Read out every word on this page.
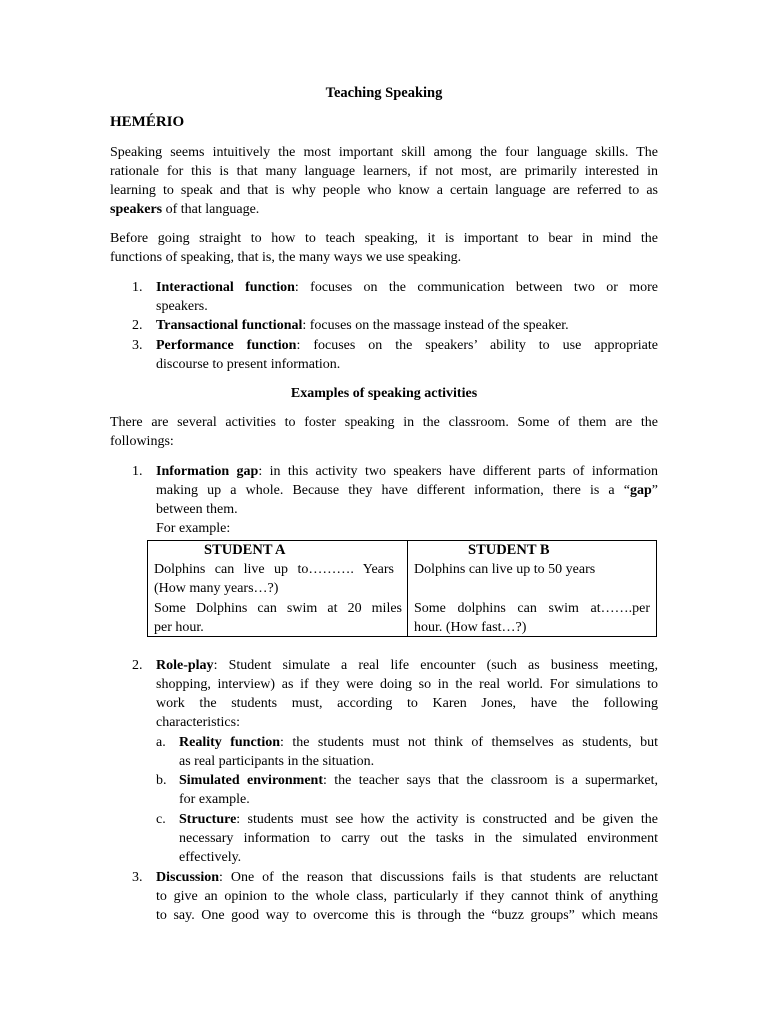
Teaching Speaking
HEMÉRIO
Speaking seems intuitively the most important skill among the four language skills. The
rationale for this is that many language learners, if not most, are primarily interested in
learning to speak and that is why people who know a certain language are referred to as
speakers of that language.
Before going straight to how to teach speaking, it is important to bear in mind the
functions of speaking, that is, the many ways we use speaking.
1. Interactional function: focuses on the communication between two or more
speakers.
2. Transactional functional: focuses on the massage instead of the speaker.
3. Performance function: focuses on the speakers’ ability to use appropriate
discourse to present information.
Examples of speaking activities
There are several activities to foster speaking in the classroom. Some of them are the
followings:
1. Information gap: in this activity two speakers have different parts of information
making up a whole. Because they have different information, there is a “gap”
between them.
For example:
STUDENT A	STUDENT B
Dolphins can live up to………. Years
(How many years…?)
Some Dolphins can swim at 20 miles
per hour.
Dolphins can live up to 50 years
Some dolphins can swim at…….per
hour. (How fast…?)
2. Role-play: Student simulate a real life encounter (such as business meeting,
shopping, interview) as if they were doing so in the real world. For simulations to
work the students must, according to Karen Jones, have the following
characteristics:
a. Reality function: the students must not think of themselves as students, but
as real participants in the situation.
b. Simulated environment: the teacher says that the classroom is a supermarket,
for example.
c. Structure: students must see how the activity is constructed and be given the
necessary information to carry out the tasks in the simulated environment
effectively.
3. Discussion: One of the reason that discussions fails is that students are reluctant
to give an opinion to the whole class, particularly if they cannot think of anything
to say. One good way to overcome this is through the “buzz groups” which means
